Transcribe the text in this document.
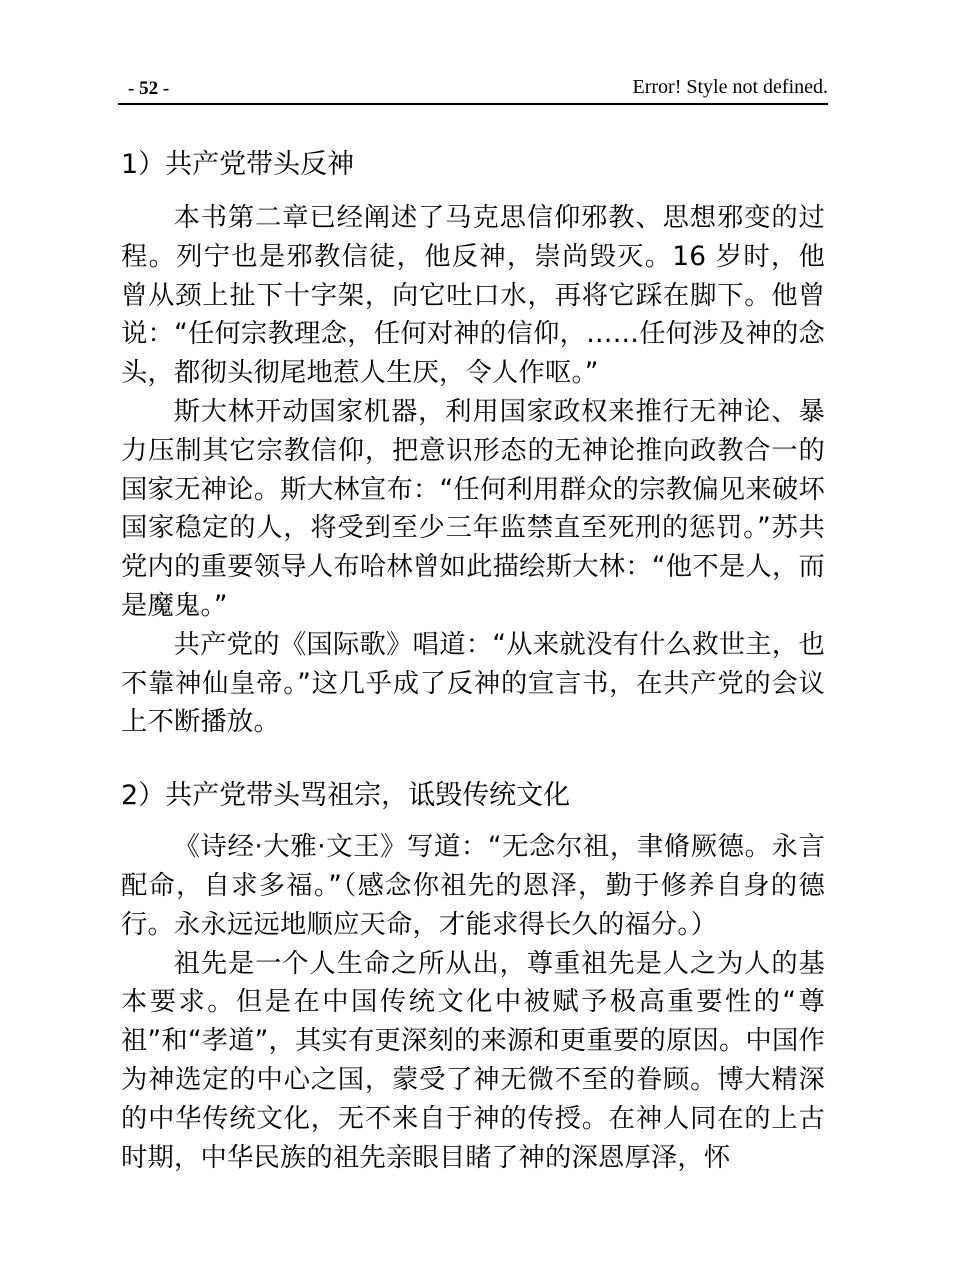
- 52 -	Error! Style not defined.
1）共产党带头反神

本书第二章已经阐述了马克思信仰邪教、思想邪变的过程。列宁也是邪教信徒，他反神，崇尚毁灭。16 岁时，他曾从颈上扯下十字架，向它吐口水，再将它踩在脚下。他曾说：“任何宗教理念，任何对神的信仰，……任何涉及神的念头，都彻头彻尾地惹人生厌，令人作呕。”

斯大林开动国家机器，利用国家政权来推行无神论、暴力压制其它宗教信仰，把意识形态的无神论推向政教合一的国家无神论。斯大林宣布：“任何利用群众的宗教偏见来破坏国家稳定的人，将受到至少三年监禁直至死刑的惩罚。”苏共党内的重要领导人布哈林曾如此描绘斯大林：“他不是人，而是魔鬼。”

共产党的《国际歌》唱道：“从来就没有什么救世主，也不靠神仙皇帝。”这几乎成了反神的宣言书，在共产党的会议上不断播放。

2）共产党带头骂祖宗，诋毁传统文化

《诗经·大雅·文王》写道：“无念尔祖，聿脩厥德。永言配命，自求多福。”（感念你祖先的恩泽，勤于修养自身的德行。永永远远地顺应天命，才能求得长久的福分。）

祖先是一个人生命之所从出，尊重祖先是人之为人的基本要求。但是在中国传统文化中被赋予极高重要性的“尊祖”和“孝道”，其实有更深刻的来源和更重要的原因。中国作为神选定的中心之国，蒙受了神无微不至的眷顾。博大精深的中华传统文化，无不来自于神的传授。在神人同在的上古时期，中华民族的祖先亲眼目睹了神的深恩厚泽，怀
